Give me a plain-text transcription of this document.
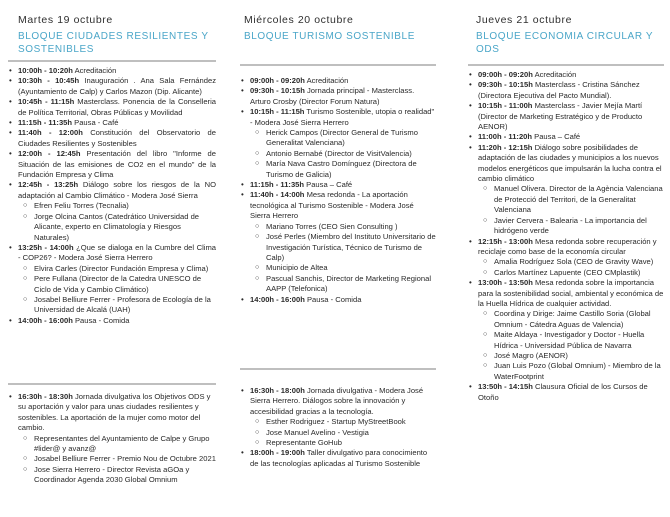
Martes 19 octubre
BLOQUE CIUDADES RESILIENTES Y SOSTENIBLES
• 10:00h - 10:20h Acreditación
• 10:30h - 10:45h Inauguración . Ana Sala Fernández (Ayuntamiento de Calp) y Carlos Mazon (Dip. Alicante)
• 10:45h - 11:15h Masterclass. Ponencia de la Conselleria de Política Territorial, Obras Públicas y Movilidad
• 11:15h - 11:35h Pausa - Café
• 11:40h - 12:00h Constitución del Observatorio de Ciudades Resilientes y Sostenibles
• 12:00h - 12:45h Presentación del libro "Informe de Situación de las emisiones de CO2 en el mundo" de la Fundación Empresa y Clima
• 12:45h - 13:25h Diálogo sobre los riesgos de la NO adaptación al Cambio Climático - Modera José Sierra
○ Efren Feliu Torres (Tecnalia)
○ Jorge Olcina Cantos (Catedrático Universidad de Alicante, experto en Climatología y Riesgos Naturales)
• 13:25h - 14:00h ¿Que se dialoga en la Cumbre del Clima - COP26? - Modera José Sierra Herrero
○ Elvira Carles (Director Fundación Empresa y Clima)
○ Pere Fullana (Director de la Catedra UNESCO de Ciclo de Vida y Cambio Climático)
○ Josabel Belliure Ferrer - Profesora de Ecología de la Universidad de Alcalá (UAH)
• 14:00h - 16:00h Pausa - Comida
• 16:30h - 18:30h Jornada divulgativa los Objetivos ODS y su aportación y valor para unas ciudades resilientes y sostenibles. La aportación de la mujer como motor del cambio.
○ Representantes del Ayuntamiento de Calpe y Grupo #lider@ y avanz@
○ Josabel Belliure Ferrer - Premio Nou de Octubre 2021
○ Jose Sierra Herrero - Director Revista aGOa y Coordinador Agenda 2030 Global Omnium
Miércoles 20 octubre
BLOQUE TURISMO SOSTENIBLE
• 09:00h - 09:20h Acreditación
• 09:30h - 10:15h Jornada principal - Masterclass. Arturo Crosby (Director Forum Natura)
• 10:15h - 11:15h Turismo Sostenible, utopia o realidad" - Modera José Sierra Herrero
○ Herick Campos (Director General de Turismo Generalitat Valenciana)
○ Antonio Bernabé (Director de VisitValencia)
○ María Nava Castro Domínguez (Directora de Turismo de Galicia)
• 11:15h - 11:35h Pausa – Café
• 11:40h - 14:00h Mesa redonda - La aportación tecnológica al Turismo Sostenible - Modera José Sierra Herrero
○ Mariano Torres (CEO Sien Consulting )
○ José Perles (Miembro del Instituto Universitario de Investigación Turística, Técnico de Turismo de Calp)
○ Municipio de Altea
○ Pascual Sanchis, Director de Marketing Regional AAPP (Telefonica)
• 14:00h - 16:00h Pausa - Comida
• 16:30h - 18:00h Jornada divulgativa - Modera José Sierra Herrero. Diálogos sobre la innovación y accesibilidad gracias a la tecnología.
○ Esther Rodriguez - Startup MyStreetBook
○ Jose Manuel Avelino - Vestigia
○ Representante GoHub
• 18:00h - 19:00h Taller divulgativo para conocimiento de las tecnologías aplicadas al Turismo Sostenible
Jueves 21 octubre
BLOQUE ECONOMIA CIRCULAR Y ODS
• 09:00h - 09:20h Acreditación
• 09:30h - 10:15h Masterclass - Cristina Sánchez (Directora Ejecutiva del Pacto Mundial).
• 10:15h - 11:00h Masterclass - Javier Mejía Martí (Director de Marketing Estratégico y de Producto AENOR)
• 11:00h - 11:20h Pausa – Café
• 11:20h - 12:15h Diálogo sobre posibilidades de adaptación de las ciudades y municipios a los nuevos modelos energéticos que impulsarán la lucha contra el cambio climático
○ Manuel Olivera. Director de la Agència Valenciana de Protecció del Territori, de la Generalitat Valenciana
○ Javier Cervera - Balearia - La importancia del hidrógeno verde
• 12:15h - 13:00h Mesa redonda sobre recuperación y reciclaje como base de la economía circular
○ Amalia Rodríguez Sola (CEO de Gravity Wave)
○ Carlos Martínez Lapuente (CEO CMplastik)
• 13:00h - 13:50h Mesa redonda sobre la importancia para la sostenibilidad social, ambiental y económica de la Huella Hídrica de cualquier actividad.
○ Coordina y Dirige: Jaime Castillo Soria (Global Omnium - Cátedra Aguas de Valencia)
○ Maite Aldaya - Investigador y Doctor - Huella Hídrica - Universidad Pública de Navarra
○ José Magro (AENOR)
○ Juan Luis Pozo (Global Omnium) - Miembro de la WaterFootprint
• 13:50h - 14:15h Clausura Oficial de los Cursos de Otoño
